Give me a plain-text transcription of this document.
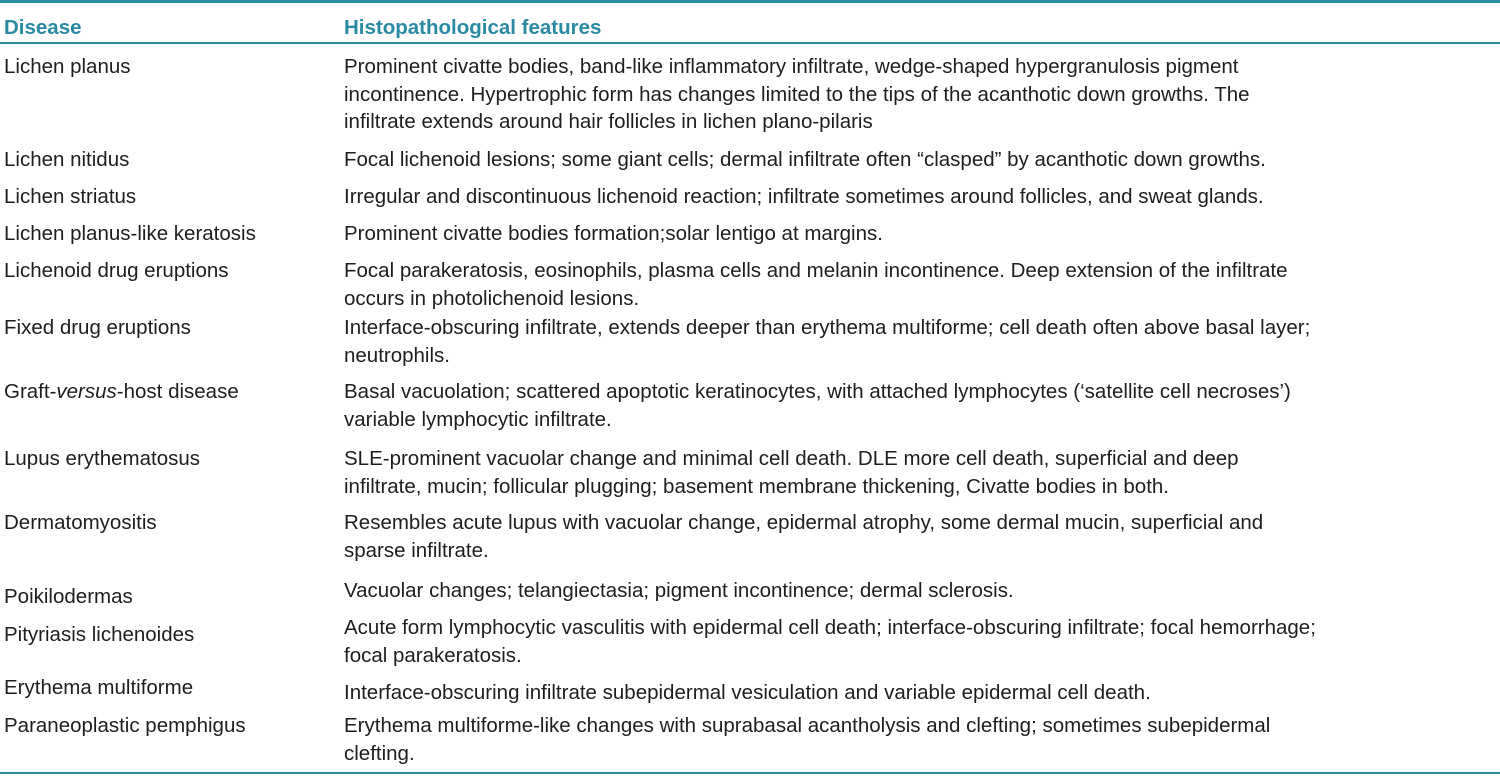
Disease	Histopathological features
Lichen planus	Prominent civatte bodies, band-like inflammatory infiltrate, wedge-shaped hypergranulosis pigment
incontinence. Hypertrophic form has changes limited to the tips of the acanthotic down growths. The
infiltrate extends around hair follicles in lichen plano-pilaris
Lichen nitidus	Focal lichenoid lesions; some giant cells; dermal infiltrate often “clasped” by acanthotic down growths.
Lichen striatus	Irregular and discontinuous lichenoid reaction; infiltrate sometimes around follicles, and sweat glands.
Lichen planus-like keratosis	Prominent civatte bodies formation;solar lentigo at margins.
Lichenoid drug eruptions	Focal parakeratosis, eosinophils, plasma cells and melanin incontinence. Deep extension of the infiltrate
occurs in photolichenoid lesions.
Fixed drug eruptions	Interface-obscuring infiltrate, extends deeper than erythema multiforme; cell death often above basal layer;
neutrophils.
Graft-versus-host disease	Basal vacuolation; scattered apoptotic keratinocytes, with attached lymphocytes (‘satellite cell necroses’)
variable lymphocytic infiltrate.
Lupus erythematosus	SLE-prominent vacuolar change and minimal cell death. DLE more cell death, superficial and deep
infiltrate, mucin; follicular plugging; basement membrane thickening, Civatte bodies in both.
Dermatomyositis	Resembles acute lupus with vacuolar change, epidermal atrophy, some dermal mucin, superficial and
sparse infiltrate.
Poikilodermas	Vacuolar changes; telangiectasia; pigment incontinence; dermal sclerosis.
Pityriasis lichenoides	Acute form lymphocytic vasculitis with epidermal cell death; interface-obscuring infiltrate; focal hemorrhage;
focal parakeratosis.
Erythema multiforme	Interface-obscuring infiltrate subepidermal vesiculation and variable epidermal cell death.
Paraneoplastic pemphigus	Erythema multiforme-like changes with suprabasal acantholysis and clefting; sometimes subepidermal
clefting.
